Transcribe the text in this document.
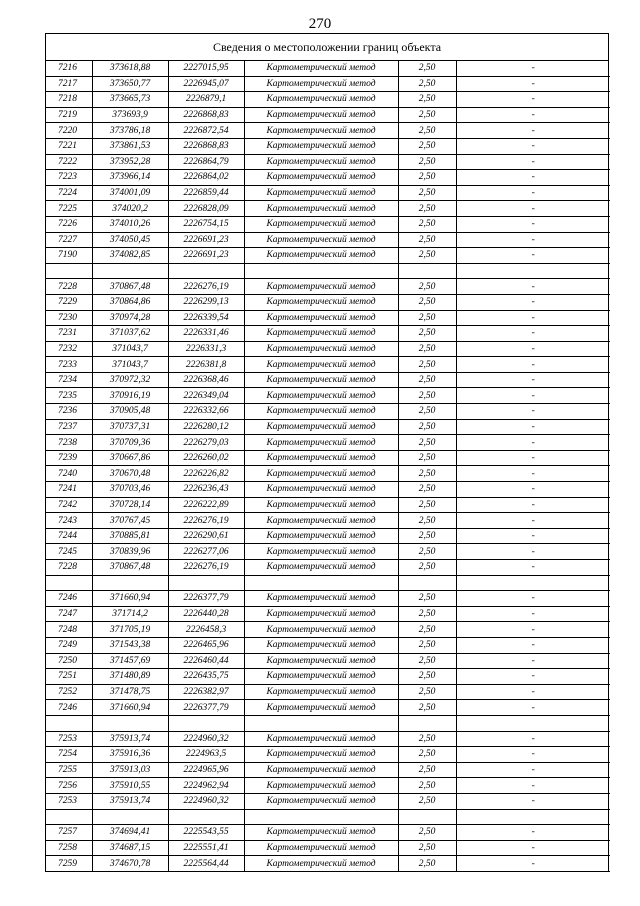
270
Сведения о местоположении границ объекта
7216	373618,88	2227015,95	Картометрический метод	2,50	-
7217	373650,77	2226945,07	Картометрический метод	2,50	-
7218	373665,73	2226879,1	Картометрический метод	2,50	-
7219	373693,9	2226868,83	Картометрический метод	2,50	-
7220	373786,18	2226872,54	Картометрический метод	2,50	-
7221	373861,53	2226868,83	Картометрический метод	2,50	-
7222	373952,28	2226864,79	Картометрический метод	2,50	-
7223	373966,14	2226864,02	Картометрический метод	2,50	-
7224	374001,09	2226859,44	Картометрический метод	2,50	-
7225	374020,2	2226828,09	Картометрический метод	2,50	-
7226	374010,26	2226754,15	Картометрический метод	2,50	-
7227	374050,45	2226691,23	Картометрический метод	2,50	-
7190	374082,85	2226691,23	Картометрический метод	2,50	-

7228	370867,48	2226276,19	Картометрический метод	2,50	-
7229	370864,86	2226299,13	Картометрический метод	2,50	-
7230	370974,28	2226339,54	Картометрический метод	2,50	-
7231	371037,62	2226331,46	Картометрический метод	2,50	-
7232	371043,7	2226331,3	Картометрический метод	2,50	-
7233	371043,7	2226381,8	Картометрический метод	2,50	-
7234	370972,32	2226368,46	Картометрический метод	2,50	-
7235	370916,19	2226349,04	Картометрический метод	2,50	-
7236	370905,48	2226332,66	Картометрический метод	2,50	-
7237	370737,31	2226280,12	Картометрический метод	2,50	-
7238	370709,36	2226279,03	Картометрический метод	2,50	-
7239	370667,86	2226260,02	Картометрический метод	2,50	-
7240	370670,48	2226226,82	Картометрический метод	2,50	-
7241	370703,46	2226236,43	Картометрический метод	2,50	-
7242	370728,14	2226222,89	Картометрический метод	2,50	-
7243	370767,45	2226276,19	Картометрический метод	2,50	-
7244	370885,81	2226290,61	Картометрический метод	2,50	-
7245	370839,96	2226277,06	Картометрический метод	2,50	-
7228	370867,48	2226276,19	Картометрический метод	2,50	-

7246	371660,94	2226377,79	Картометрический метод	2,50	-
7247	371714,2	2226440,28	Картометрический метод	2,50	-
7248	371705,19	2226458,3	Картометрический метод	2,50	-
7249	371543,38	2226465,96	Картометрический метод	2,50	-
7250	371457,69	2226460,44	Картометрический метод	2,50	-
7251	371480,89	2226435,75	Картометрический метод	2,50	-
7252	371478,75	2226382,97	Картометрический метод	2,50	-
7246	371660,94	2226377,79	Картометрический метод	2,50	-

7253	375913,74	2224960,32	Картометрический метод	2,50	-
7254	375916,36	2224963,5	Картометрический метод	2,50	-
7255	375913,03	2224965,96	Картометрический метод	2,50	-
7256	375910,55	2224962,94	Картометрический метод	2,50	-
7253	375913,74	2224960,32	Картометрический метод	2,50	-

7257	374694,41	2225543,55	Картометрический метод	2,50	-
7258	374687,15	2225551,41	Картометрический метод	2,50	-
7259	374670,78	2225564,44	Картометрический метод	2,50	-
